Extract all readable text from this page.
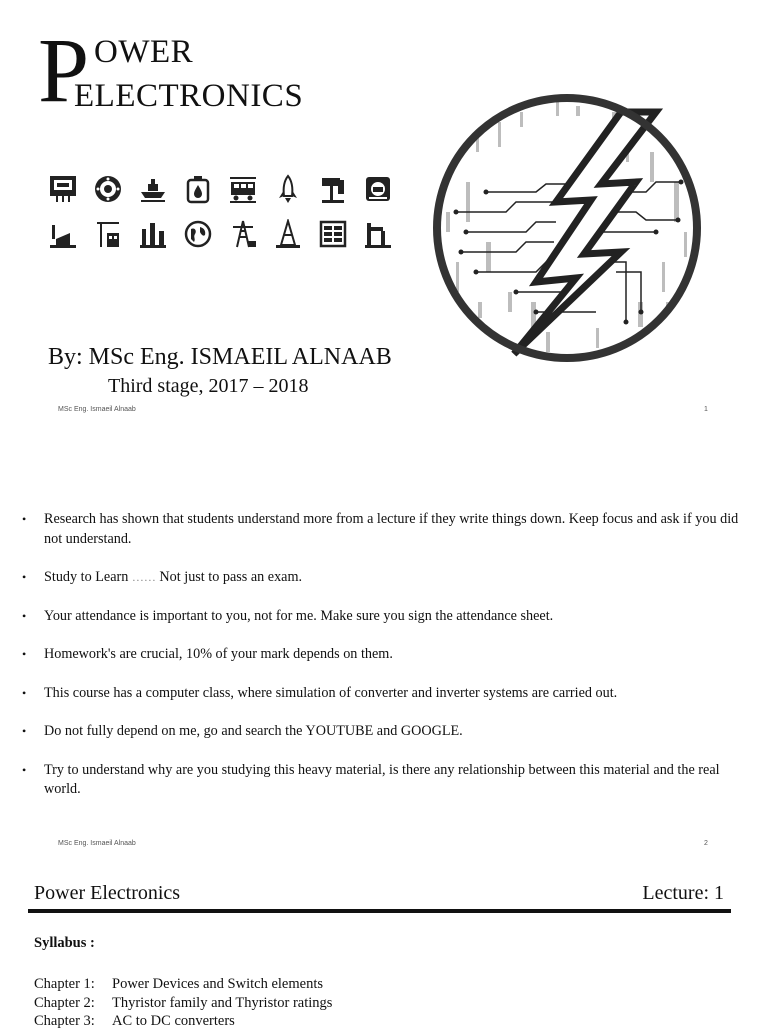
P OWER
ELECTRONICS
By: MSc Eng. ISMAEIL ALNAAB
Third stage, 2017 – 2018
MSc Eng. Ismaeil Alnaab	1
• Research has shown that students understand more from a lecture if they write things down. Keep focus and ask if you did not understand.
• Study to Learn …… Not just to pass an exam.
• Your attendance is important to you, not for me. Make sure you sign the attendance sheet.
• Homework's are crucial, 10% of your mark depends on them.
• This course has a computer class, where simulation of converter and inverter systems are carried out.
• Do not fully depend on me, go and search the YOUTUBE and GOOGLE.
• Try to understand why are you studying this heavy material, is there any relationship between this material and the real world.
MSc Eng. Ismaeil Alnaab	2
Power Electronics	Lecture: 1
Syllabus :
Chapter 1:	Power Devices and Switch elements
Chapter 2:	Thyristor family and Thyristor ratings
Chapter 3:	AC to DC converters
